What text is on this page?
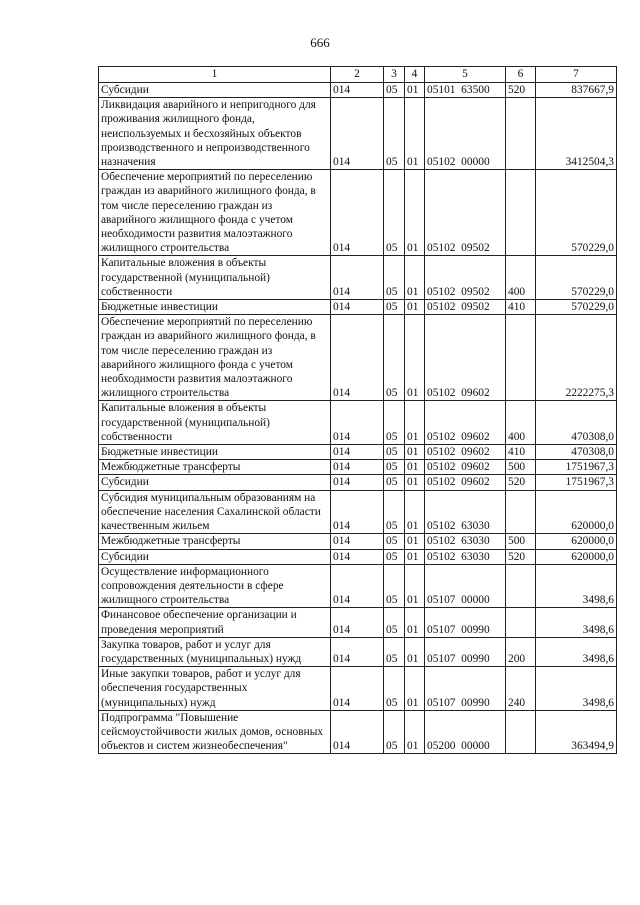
666
1	2	3	4	5	6	7
Субсидии	014	05	01	05101  63500	520	837667,9
Ликвидация аварийного и непригодного для проживания жилищного фонда, неиспользуемых и бесхозяйных объектов производственного и непроизводственного назначения	014	05	01	05102  00000		3412504,3
Обеспечение мероприятий по переселению граждан из аварийного жилищного фонда, в том числе переселению граждан из аварийного жилищного фонда с учетом необходимости развития малоэтажного жилищного строительства	014	05	01	05102  09502		570229,0
Капитальные вложения в объекты государственной (муниципальной) собственности	014	05	01	05102  09502	400	570229,0
Бюджетные инвестиции	014	05	01	05102  09502	410	570229,0
Обеспечение мероприятий по переселению граждан из аварийного жилищного фонда, в том числе переселению граждан из аварийного жилищного фонда с учетом необходимости развития малоэтажного жилищного строительства	014	05	01	05102  09602		2222275,3
Капитальные вложения в объекты государственной (муниципальной) собственности	014	05	01	05102  09602	400	470308,0
Бюджетные инвестиции	014	05	01	05102  09602	410	470308,0
Межбюджетные трансферты	014	05	01	05102  09602	500	1751967,3
Субсидии	014	05	01	05102  09602	520	1751967,3
Субсидия муниципальным образованиям на обеспечение населения Сахалинской области качественным жильем	014	05	01	05102  63030		620000,0
Межбюджетные трансферты	014	05	01	05102  63030	500	620000,0
Субсидии	014	05	01	05102  63030	520	620000,0
Осуществление информационного сопровождения деятельности в сфере жилищного строительства	014	05	01	05107  00000		3498,6
Финансовое обеспечение организации и проведения мероприятий	014	05	01	05107  00990		3498,6
Закупка товаров, работ и услуг для государственных (муниципальных) нужд	014	05	01	05107  00990	200	3498,6
Иные закупки товаров, работ и услуг для обеспечения государственных (муниципальных) нужд	014	05	01	05107  00990	240	3498,6
Подпрограмма "Повышение сейсмоустойчивости жилых домов, основных объектов и систем жизнеобеспечения"	014	05	01	05200  00000		363494,9
